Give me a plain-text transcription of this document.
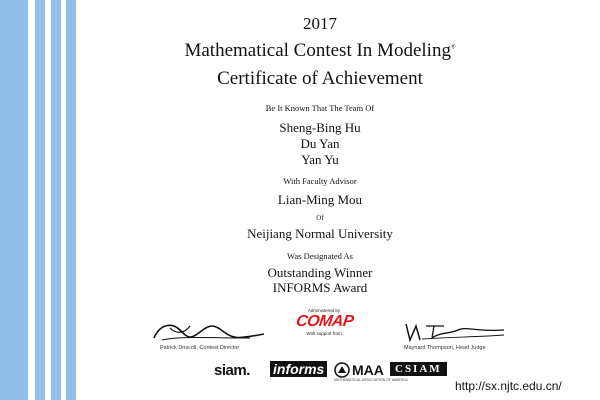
2017
Mathematical Contest In Modeling®
Certificate of Achievement
Be It Known That The Team Of
Sheng-Bing Hu
Du Yan
Yan Yu
With Faculty Advisor
Lian-Ming Mou
Of
Neijiang Normal University
Was Designated As
Outstanding Winner
INFORMS Award
Patrick Driscoll, Contest Director
Administered by
COMAP
With support from
Maynard Thompson, Head Judge
siam. informs MAA
MATHEMATICAL ASSOCIATION OF AMERICA
CSIAM
http://sx.njtc.edu.cn/
